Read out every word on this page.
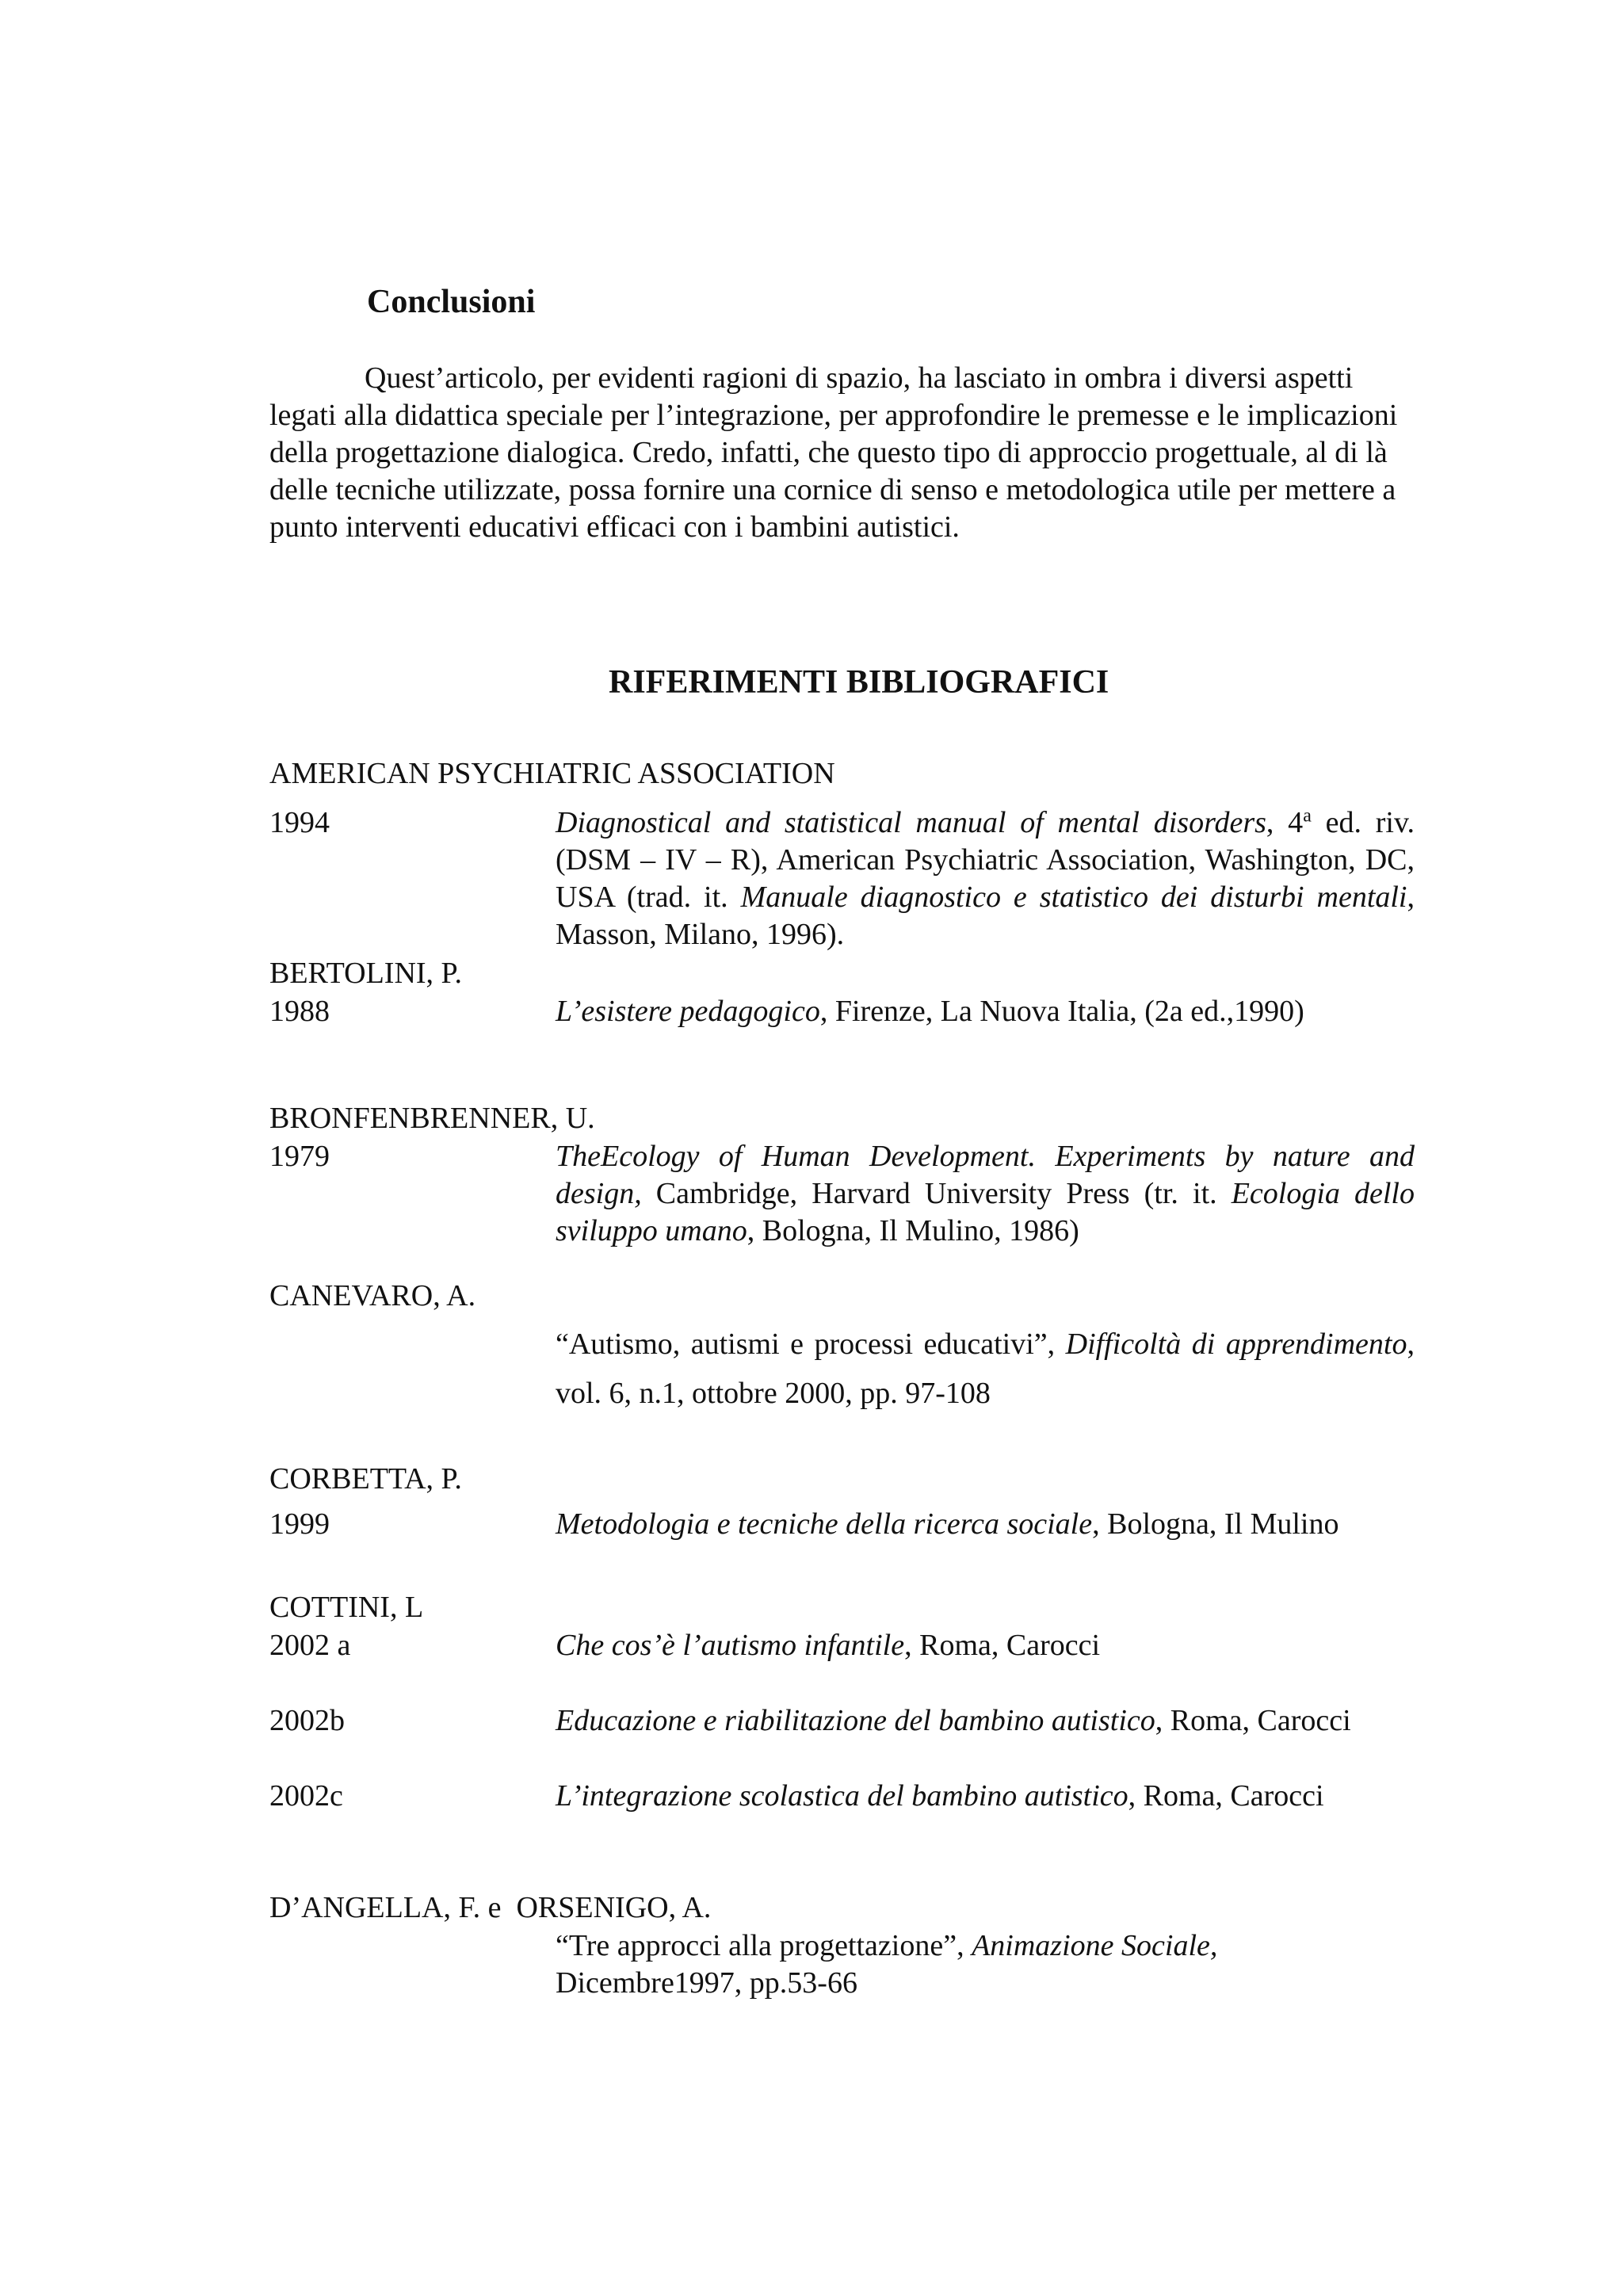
Conclusioni
Quest’articolo, per evidenti ragioni di spazio, ha lasciato in ombra i diversi aspetti legati alla didattica speciale per l’integrazione, per approfondire le premesse e le implicazioni della progettazione dialogica. Credo, infatti, che questo tipo di approccio progettuale, al di là delle tecniche utilizzate, possa fornire una cornice di senso e metodologica utile per mettere a punto interventi educativi efficaci con i bambini autistici.
RIFERIMENTI BIBLIOGRAFICI
AMERICAN PSYCHIATRIC ASSOCIATION
1994	Diagnostical and statistical manual of mental disorders, 4$^a$ ed. riv. (DSM – IV – R), American Psychiatric Association, Washington, DC, USA (trad. it. Manuale diagnostico e statistico dei disturbi mentali, Masson, Milano, 1996).
BERTOLINI, P.
1988	L’esistere pedagogico, Firenze, La Nuova Italia, (2a ed.,1990)
BRONFENBRENNER, U.
1979	TheEcology of Human Development. Experiments by nature and design, Cambridge, Harvard University Press (tr. it. Ecologia dello sviluppo umano, Bologna, Il Mulino, 1986)
CANEVARO, A.
“Autismo, autismi e processi educativi”, Difficoltà di apprendimento, vol. 6, n.1, ottobre 2000, pp. 97-108
CORBETTA, P.
1999	Metodologia e tecniche della ricerca sociale, Bologna, Il Mulino
COTTINI, L
2002 a	Che cos’è l’autismo infantile, Roma, Carocci
2002b	Educazione e riabilitazione del bambino autistico, Roma, Carocci
2002c	L’integrazione scolastica del bambino autistico, Roma, Carocci
D’ANGELLA, F. e  ORSENIGO, A.
“Tre approcci alla progettazione”, Animazione Sociale,
Dicembre1997, pp.53-66
